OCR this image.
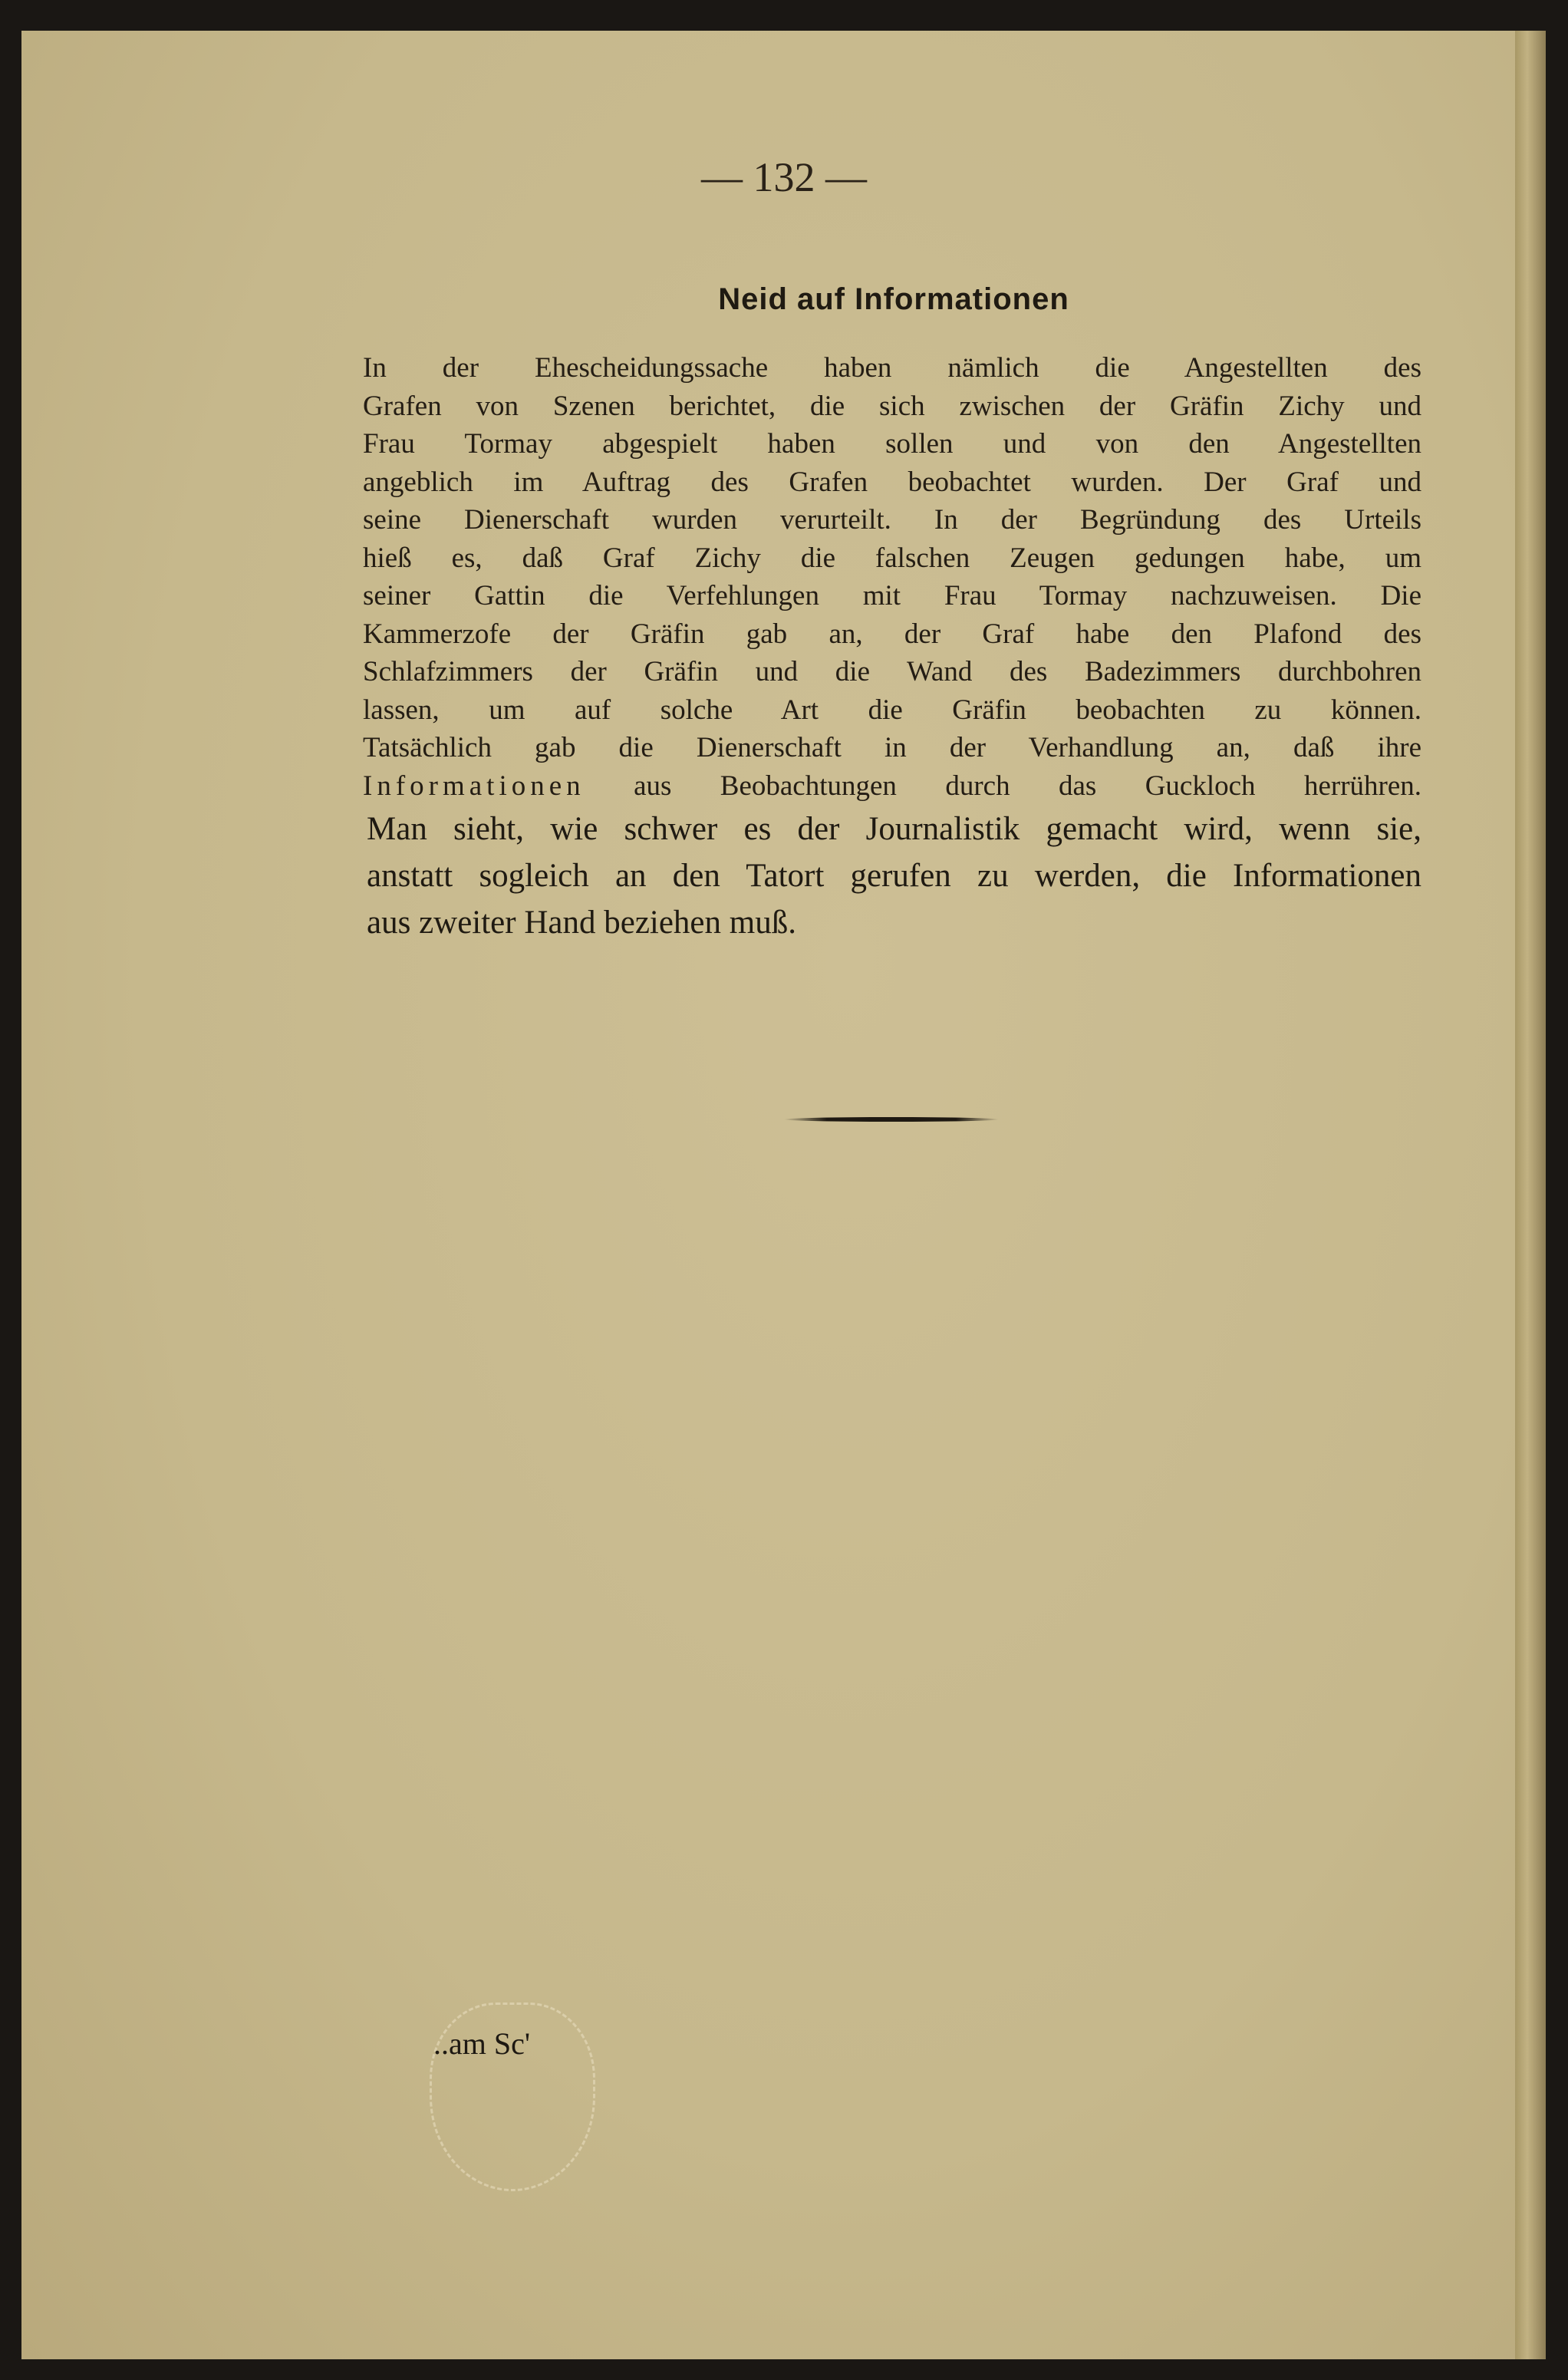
— 132 —
Neid auf Informationen
In der Ehescheidungssache haben nämlich die Angestellten des
Grafen von Szenen berichtet, die sich zwischen der Gräfin Zichy und
Frau Tormay abgespielt haben sollen und von den Angestellten
angeblich im Auftrag des Grafen beobachtet wurden. Der Graf und
seine Dienerschaft wurden verurteilt. In der Begründung des Urteils
hieß es, daß Graf Zichy die falschen Zeugen gedungen habe, um
seiner Gattin die Verfehlungen mit Frau Tormay nachzuweisen. Die
Kammerzofe der Gräfin gab an, der Graf habe den Plafond des
Schlafzimmers der Gräfin und die Wand des Badezimmers durchbohren
lassen, um auf solche Art die Gräfin beobachten zu können.
Tatsächlich gab die Dienerschaft in der Verhandlung an, daß ihre
Informationen aus Beobachtungen durch das Guckloch herrühren.
Man sieht, wie schwer es der Journalistik gemacht wird, wenn sie,
anstatt sogleich an den Tatort gerufen zu werden, die Informationen
aus zweiter Hand beziehen muß.
..am Sc'
